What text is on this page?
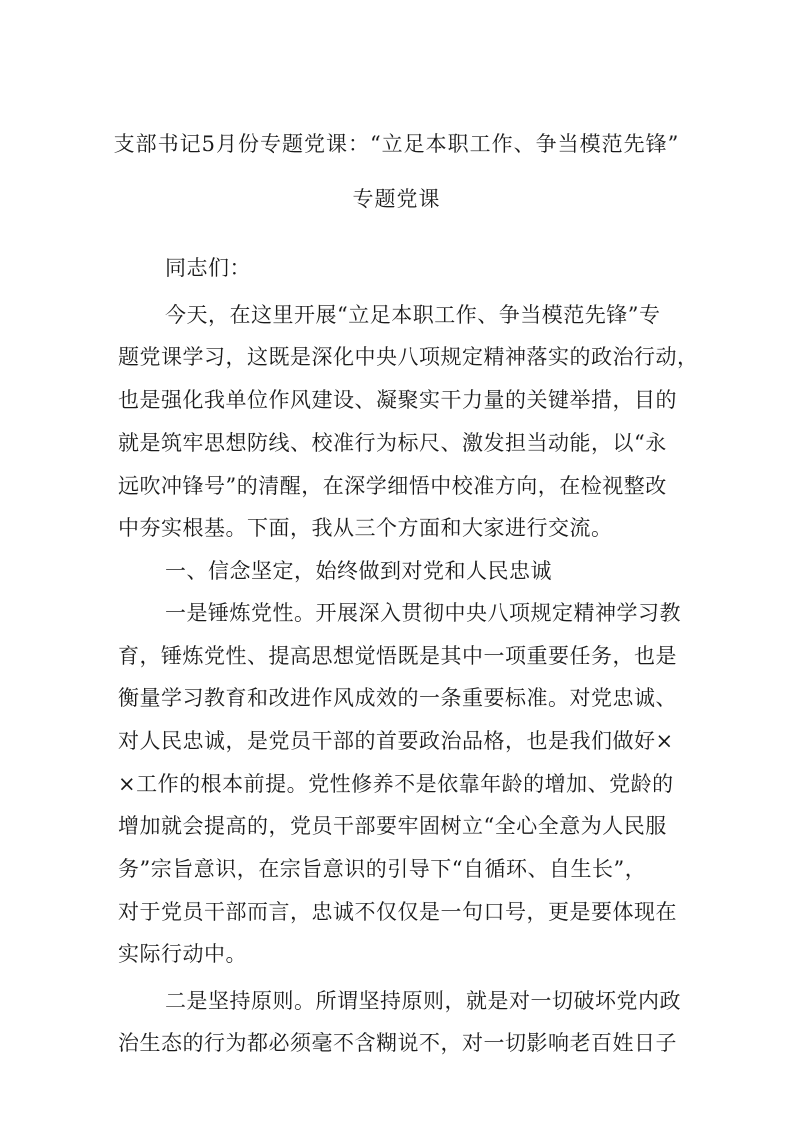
支部书记5月份专题党课：“立足本职工作、争当模范先锋”
专题党课
同志们：
今天，在这里开展“立足本职工作、争当模范先锋”专
题党课学习，这既是深化中央八项规定精神落实的政治行动，
也是强化我单位作风建设、凝聚实干力量的关键举措，目的
就是筑牢思想防线、校准行为标尺、激发担当动能，以“永
远吹冲锋号”的清醒，在深学细悟中校准方向，在检视整改
中夯实根基。下面，我从三个方面和大家进行交流。
一、信念坚定，始终做到对党和人民忠诚
一是锤炼党性。开展深入贯彻中央八项规定精神学习教
育，锤炼党性、提高思想觉悟既是其中一项重要任务，也是
衡量学习教育和改进作风成效的一条重要标准。对党忠诚、
对人民忠诚，是党员干部的首要政治品格，也是我们做好×
×工作的根本前提。党性修养不是依靠年龄的增加、党龄的
增加就会提高的，党员干部要牢固树立“全心全意为人民服
务”宗旨意识，在宗旨意识的引导下“自循环、自生长”，
对于党员干部而言，忠诚不仅仅是一句口号，更是要体现在
实际行动中。
二是坚持原则。所谓坚持原则，就是对一切破坏党内政
治生态的行为都必须毫不含糊说不，对一切影响老百姓日子
